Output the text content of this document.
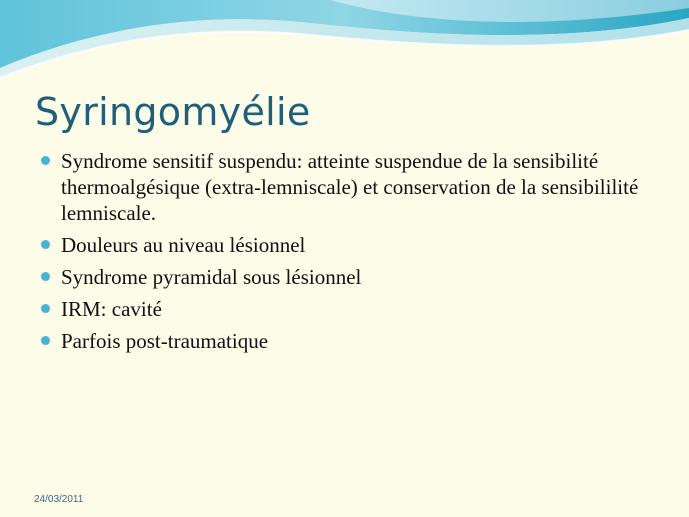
Syringomyélie
Syndrome sensitif suspendu: atteinte suspendue de la sensibilité thermoalgésique (extra-lemniscale) et conservation de la sensibililité lemniscale.
Douleurs au niveau lésionnel
Syndrome pyramidal sous lésionnel
IRM: cavité
Parfois post-traumatique
24/03/2011
